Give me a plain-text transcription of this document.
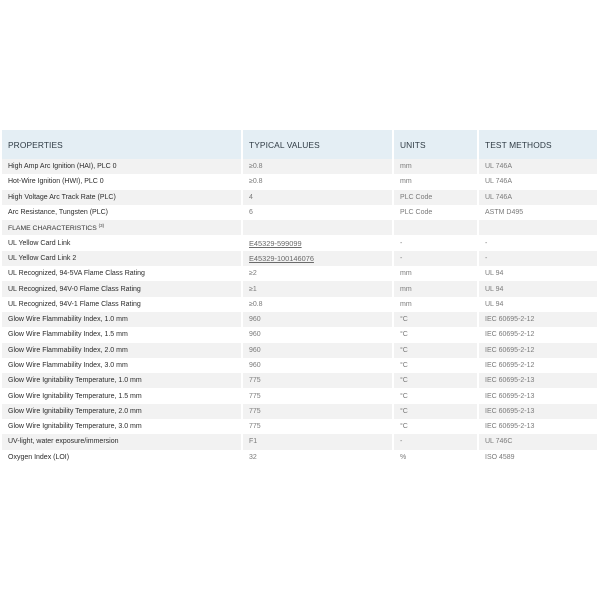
PROPERTIES	TYPICAL VALUES	UNITS	TEST METHODS
High Amp Arc Ignition (HAI), PLC 0	≥0.8	mm	UL 746A
Hot-Wire Ignition (HWI), PLC 0	≥0.8	mm	UL 746A
High Voltage Arc Track Rate (PLC)	4	PLC Code	UL 746A
Arc Resistance, Tungsten (PLC)	6	PLC Code	ASTM D495
FLAME CHARACTERISTICS $^{(3)}$			
UL Yellow Card Link	E45329-599099	-	-
UL Yellow Card Link 2	E45329-100146076	-	-
UL Recognized, 94-5VA Flame Class Rating	≥2	mm	UL 94
UL Recognized, 94V-0 Flame Class Rating	≥1	mm	UL 94
UL Recognized, 94V-1 Flame Class Rating	≥0.8	mm	UL 94
Glow Wire Flammability Index, 1.0 mm	960	°C	IEC 60695-2-12
Glow Wire Flammability Index, 1.5 mm	960	°C	IEC 60695-2-12
Glow Wire Flammability Index, 2.0 mm	960	°C	IEC 60695-2-12
Glow Wire Flammability Index, 3.0 mm	960	°C	IEC 60695-2-12
Glow Wire Ignitability Temperature, 1.0 mm	775	°C	IEC 60695-2-13
Glow Wire Ignitability Temperature, 1.5 mm	775	°C	IEC 60695-2-13
Glow Wire Ignitability Temperature, 2.0 mm	775	°C	IEC 60695-2-13
Glow Wire Ignitability Temperature, 3.0 mm	775	°C	IEC 60695-2-13
UV-light, water exposure/immersion	F1	-	UL 746C
Oxygen Index (LOI)	32	%	ISO 4589
